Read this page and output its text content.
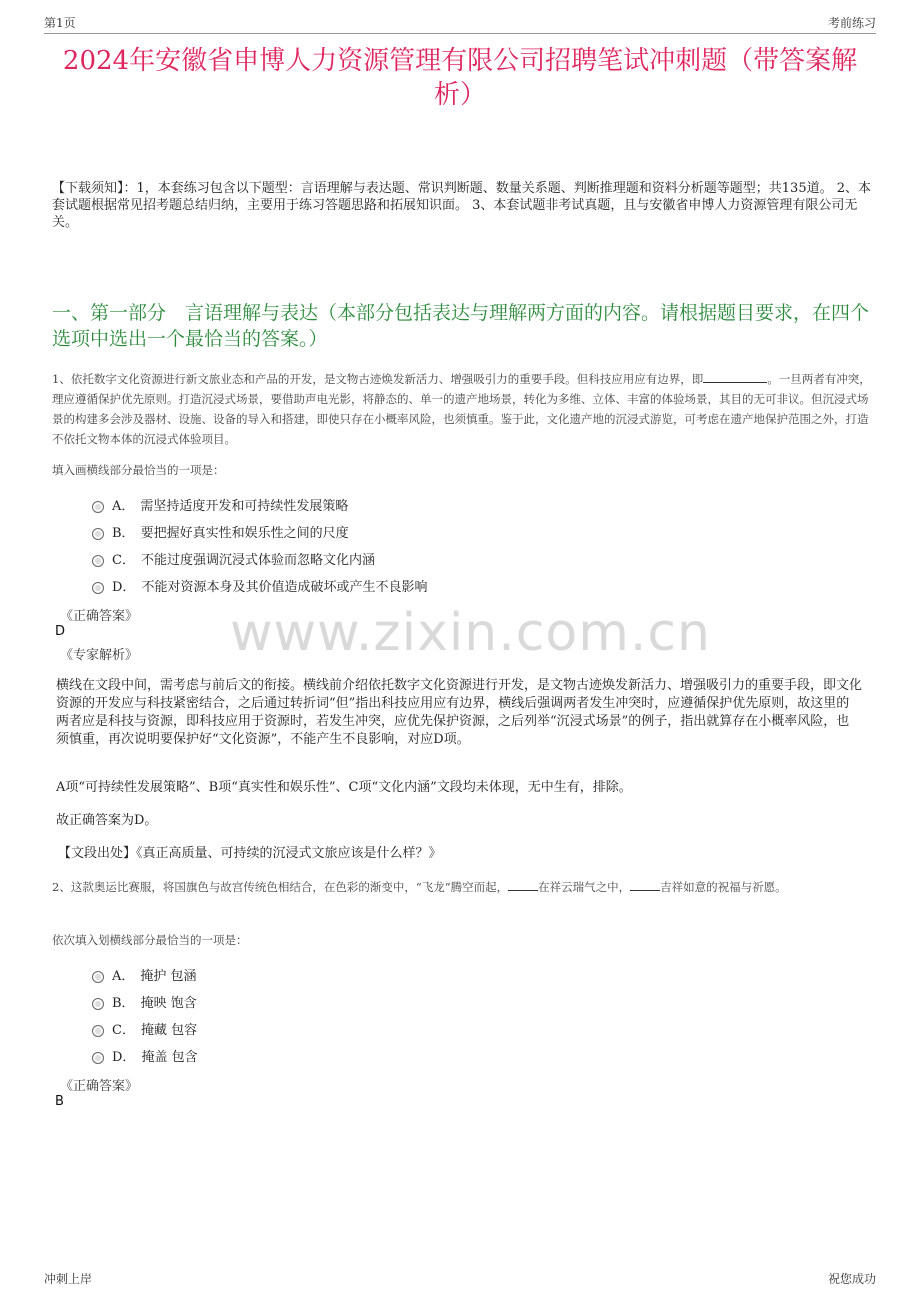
第1页	考前练习
2024年安徽省申博人力资源管理有限公司招聘笔试冲刺题（带答案解析）
【下载须知】：1，本套练习包含以下题型：言语理解与表达题、常识判断题、数量关系题、判断推理题和资料分析题等题型；共135道。 2、本套试题根据常见招考题总结归纳，主要用于练习答题思路和拓展知识面。 3、本套试题非考试真题，且与安徽省申博人力资源管理有限公司无关。
一、第一部分　言语理解与表达（本部分包括表达与理解两方面的内容。请根据题目要求，在四个选项中选出一个最恰当的答案。）
1、依托数字文化资源进行新文旅业态和产品的开发，是文物古迹焕发新活力、增强吸引力的重要手段。但科技应用应有边界，即	。一旦两者有冲突，理应遵循保护优先原则。打造沉浸式场景，要借助声电光影，将静态的、单一的遗产地场景，转化为多维、立体、丰富的体验场景，其目的无可非议。但沉浸式场景的构建多会涉及器材、设施、设备的导入和搭建，即使只存在小概率风险，也须慎重。鉴于此，文化遗产地的沉浸式游览，可考虑在遗产地保护范围之外，打造不依托文物本体的沉浸式体验项目。
填入画横线部分最恰当的一项是：
A． 需坚持适度开发和可持续性发展策略
B． 要把握好真实性和娱乐性之间的尺度
C． 不能过度强调沉浸式体验而忽略文化内涵
D． 不能对资源本身及其价值造成破坏或产生不良影响
《正确答案》
D
《专家解析》 www.zixin.com.cn
横线在文段中间，需考虑与前后文的衔接。横线前介绍依托数字文化资源进行开发，是文物古迹焕发新活力、增强吸引力的重要手段，即文化资源的开发应与科技紧密结合，之后通过转折词“但”指出科技应用应有边界，横线后强调两者发生冲突时，应遵循保护优先原则，故这里的两者应是科技与资源，即科技应用于资源时，若发生冲突，应优先保护资源，之后列举“沉浸式场景”的例子，指出就算存在小概率风险，也须慎重，再次说明要保护好“文化资源”，不能产生不良影响，对应D项。
A项“可持续性发展策略”、B项“真实性和娱乐性”、C项“文化内涵”文段均未体现，无中生有，排除。
故正确答案为D。
【文段出处】《真正高质量、可持续的沉浸式文旅应该是什么样？》
2、这款奥运比赛服，将国旗色与故宫传统色相结合，在色彩的渐变中，“飞龙”腾空而起，	在祥云瑞气之中，	吉祥如意的祝福与祈愿。
依次填入划横线部分最恰当的一项是：
A． 掩护 包涵
B． 掩映 饱含
C． 掩藏 包容
D． 掩盖 包含
《正确答案》
B
冲刺上岸	祝您成功
